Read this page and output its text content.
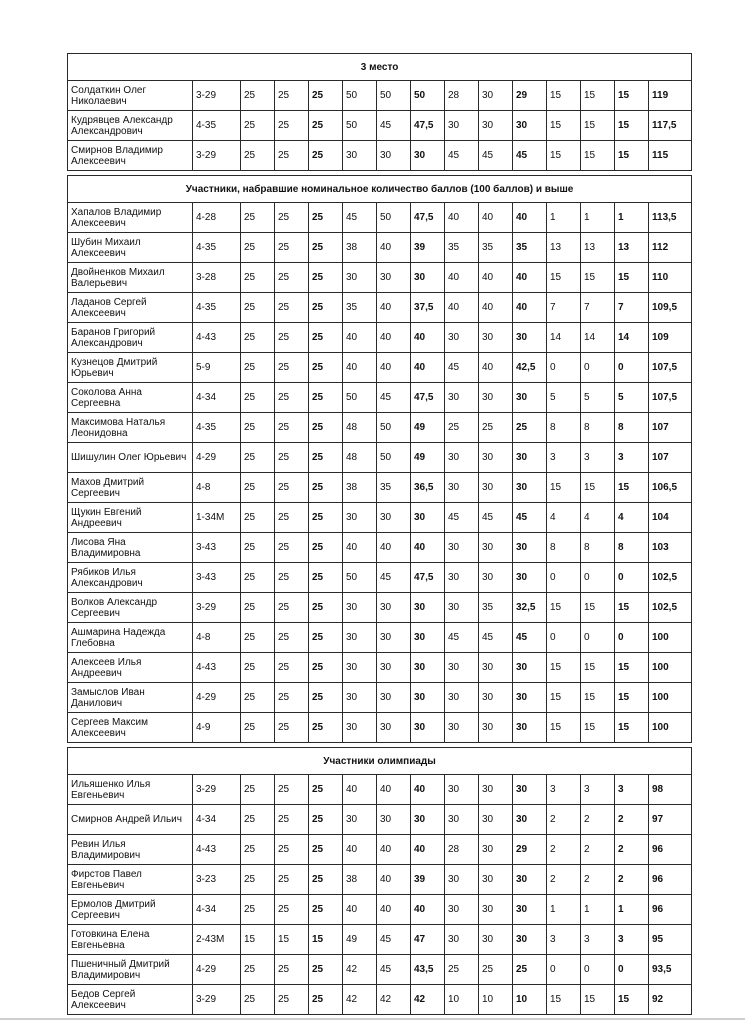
3 место														
Солдаткин Олег Николаевич	3-29	25	25	25	50	50	50	28	30	29	15	15	15	119
Кудрявцев Александр Александрович	4-35	25	25	25	50	45	47,5	30	30	30	15	15	15	117,5
Смирнов Владимир Алексеевич	3-29	25	25	25	30	30	30	45	45	45	15	15	15	115

Участники, набравшие номинальное количество баллов (100 баллов) и выше														
Хапалов Владимир Алексеевич	4-28	25	25	25	45	50	47,5	40	40	40	1	1	1	113,5
Шубин Михаил Алексеевич	4-35	25	25	25	38	40	39	35	35	35	13	13	13	112
Двойненков Михаил Валерьевич	3-28	25	25	25	30	30	30	40	40	40	15	15	15	110
Ладанов Сергей Алексеевич	4-35	25	25	25	35	40	37,5	40	40	40	7	7	7	109,5
Баранов Григорий Александрович	4-43	25	25	25	40	40	40	30	30	30	14	14	14	109
Кузнецов Дмитрий Юрьевич	5-9	25	25	25	40	40	40	45	40	42,5	0	0	0	107,5
Соколова Анна Сергеевна	4-34	25	25	25	50	45	47,5	30	30	30	5	5	5	107,5
Максимова Наталья Леонидовна	4-35	25	25	25	48	50	49	25	25	25	8	8	8	107
Шишулин Олег Юрьевич	4-29	25	25	25	48	50	49	30	30	30	3	3	3	107
Махов Дмитрий Сергеевич	4-8	25	25	25	38	35	36,5	30	30	30	15	15	15	106,5
Щукин Евгений Андреевич	1-34М	25	25	25	30	30	30	45	45	45	4	4	4	104
Лисова Яна Владимировна	3-43	25	25	25	40	40	40	30	30	30	8	8	8	103
Рябиков Илья Александрович	3-43	25	25	25	50	45	47,5	30	30	30	0	0	0	102,5
Волков Александр Сергеевич	3-29	25	25	25	30	30	30	30	35	32,5	15	15	15	102,5
Ашмарина Надежда Глебовна	4-8	25	25	25	30	30	30	45	45	45	0	0	0	100
Алексеев Илья Андреевич	4-43	25	25	25	30	30	30	30	30	30	15	15	15	100
Замыслов Иван Данилович	4-29	25	25	25	30	30	30	30	30	30	15	15	15	100
Сергеев Максим Алексеевич	4-9	25	25	25	30	30	30	30	30	30	15	15	15	100

Участники олимпиады														
Ильяшенко Илья Евгеньевич	3-29	25	25	25	40	40	40	30	30	30	3	3	3	98
Смирнов Андрей Ильич	4-34	25	25	25	30	30	30	30	30	30	2	2	2	97
Ревин Илья Владимирович	4-43	25	25	25	40	40	40	28	30	29	2	2	2	96
Фирстов Павел Евгеньевич	3-23	25	25	25	38	40	39	30	30	30	2	2	2	96
Ермолов Дмитрий Сергеевич	4-34	25	25	25	40	40	40	30	30	30	1	1	1	96
Готовкина Елена Евгеньевна	2-43М	15	15	15	49	45	47	30	30	30	3	3	3	95
Пшеничный Дмитрий Владимирович	4-29	25	25	25	42	45	43,5	25	25	25	0	0	0	93,5
Бедов Сергей Алексеевич	3-29	25	25	25	42	42	42	10	10	10	15	15	15	92
